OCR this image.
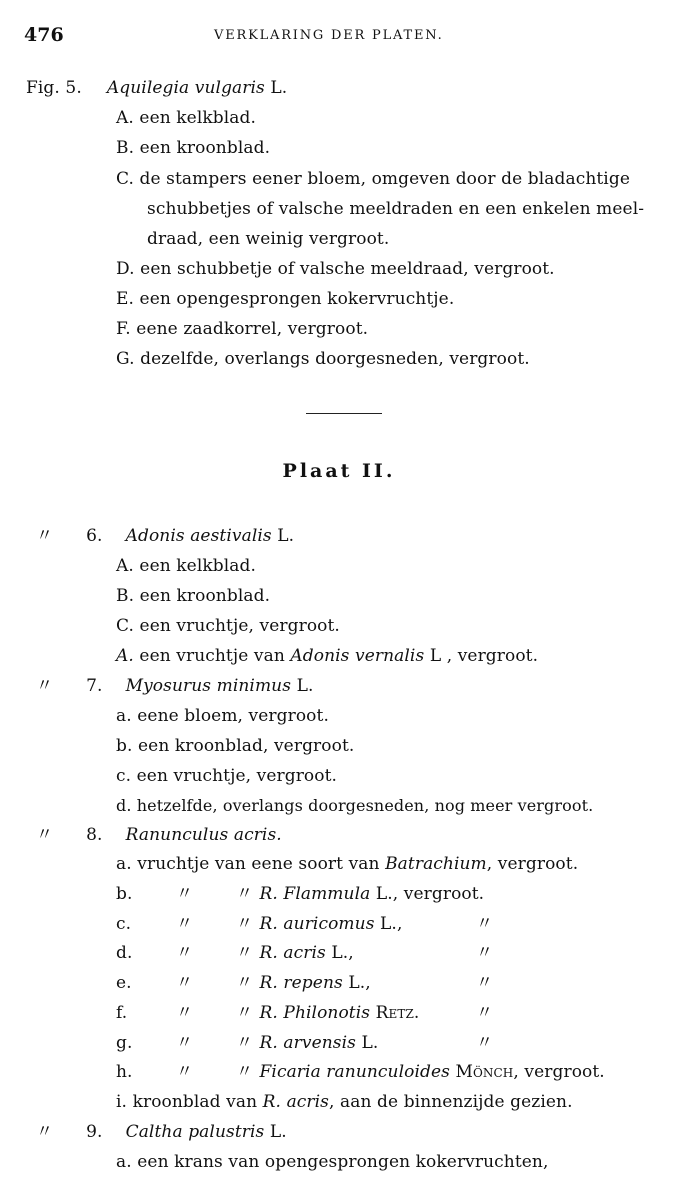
476	VERKLARING DER PLATEN.
Fig. 5. Aquilegia vulgaris L.
A. een kelkblad.
B. een kroonblad.
C. de stampers eener bloem, omgeven door de bladachtige
schubbetjes of valsche meeldraden en een enkelen meel-
draad, een weinig vergroot.
D. een schubbetje of valsche meeldraad, vergroot.
E. een opengesprongen kokervruchtje.
F. eene zaadkorrel, vergroot.
G. dezelfde, overlangs doorgesneden, vergroot.
Plaat II.
〃 6. Adonis aestivalis L.
A. een kelkblad.
B. een kroonblad.
C. een vruchtje, vergroot.
A. een vruchtje van Adonis vernalis L , vergroot.
〃 7. Myosurus minimus L.
a. eene bloem, vergroot.
b. een kroonblad, vergroot.
c. een vruchtje, vergroot.
d. hetzelfde, overlangs doorgesneden, nog meer vergroot.
〃 8. Ranunculus acris.
a. vruchtje van eene soort van Batrachium, vergroot.
b.	〃	〃 R. Flammula L., vergroot.
c.	〃	〃 R. auricomus L.,	〃
d.	〃	〃 R. acris L.,	〃
e.	〃	〃 R. repens L.,	〃
f.	〃	〃 R. Philonotis Retz.	〃
g.	〃	〃 R. arvensis L.	〃
h.	〃	〃 Ficaria ranunculoides Mönch, vergroot.
i. kroonblad van R. acris, aan de binnenzijde gezien.
〃 9. Caltha palustris L.
a. een krans van opengesprongen kokervruchten,
